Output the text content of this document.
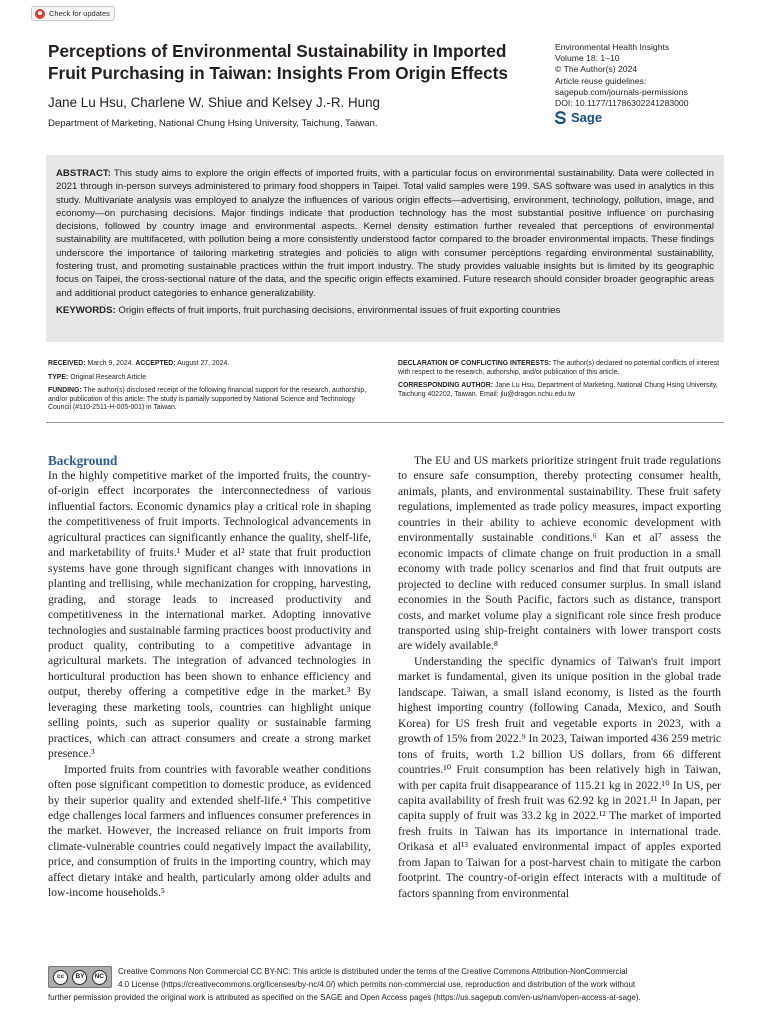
Check for updates
Perceptions of Environmental Sustainability in Imported Fruit Purchasing in Taiwan: Insights From Origin Effects
Jane Lu Hsu, Charlene W. Shiue and Kelsey J.-R. Hung
Department of Marketing, National Chung Hsing University, Taichung, Taiwan.
Environmental Health Insights
Volume 18: 1–10
© The Author(s) 2024
Article reuse guidelines:
sagepub.com/journals-permissions
DOI: 10.1177/11786302241283000
Sage

ABSTRACT: This study aims to explore the origin effects of imported fruits, with a particular focus on environmental sustainability. Data were collected in 2021 through in-person surveys administered to primary food shoppers in Taipei. Total valid samples were 199. SAS software was used in analytics in this study. Multivariate analysis was employed to analyze the influences of various origin effects—advertising, environment, technology, pollution, image, and economy—on purchasing decisions. Major findings indicate that production technology has the most substantial positive influence on purchasing decisions, followed by country image and environmental aspects. Kernel density estimation further revealed that perceptions of environmental sustainability are multifaceted, with pollution being a more consistently understood factor compared to the broader environmental impacts. These findings underscore the importance of tailoring marketing strategies and policies to align with consumer perceptions regarding environmental sustainability, fostering trust, and promoting sustainable practices within the fruit import industry. The study provides valuable insights but is limited by its geographic focus on Taipei, the cross-sectional nature of the data, and the specific origin effects examined. Future research should consider broader geographic areas and additional product categories to enhance generalizability.

KEYWORDS: Origin effects of fruit imports, fruit purchasing decisions, environmental issues of fruit exporting countries

RECEIVED: March 9, 2024. ACCEPTED: August 27, 2024.

TYPE: Original Research Article

FUNDING: The author(s) disclosed receipt of the following financial support for the research, authorship, and/or publication of this article: The study is partially supported by National Science and Technology Council (#110-2511-H-005-001) in Taiwan.

DECLARATION OF CONFLICTING INTERESTS: The author(s) declared no potential conflicts of interest with respect to the research, authorship, and/or publication of this article.

CORRESPONDING AUTHOR: Jane Lu Hsu, Department of Marketing, National Chung Hsing University, Taichung 402202, Taiwan. Email: jlu@dragon.nchu.edu.tw

Background

In the highly competitive market of the imported fruits, the country-of-origin effect incorporates the interconnectedness of various influential factors. Economic dynamics play a critical role in shaping the competitiveness of fruit imports. Technological advancements in agricultural practices can significantly enhance the quality, shelf-life, and marketability of fruits.¹ Muder et al² state that fruit production systems have gone through significant changes with innovations in planting and trellising, while mechanization for cropping, harvesting, grading, and storage leads to increased productivity and competitiveness in the international market. Adopting innovative technologies and sustainable farming practices boost productivity and product quality, contributing to a competitive advantage in agricultural markets. The integration of advanced technologies in horticultural production has been shown to enhance efficiency and output, thereby offering a competitive edge in the market.³ By leveraging these marketing tools, countries can highlight unique selling points, such as superior quality or sustainable farming practices, which can attract consumers and create a strong market presence.³

Imported fruits from countries with favorable weather conditions often pose significant competition to domestic produce, as evidenced by their superior quality and extended shelf-life.⁴ This competitive edge challenges local farmers and influences consumer preferences in the market. However, the increased reliance on fruit imports from climate-vulnerable countries could negatively impact the availability, price, and consumption of fruits in the importing country, which may affect dietary intake and health, particularly among older adults and low-income households.⁵

The EU and US markets prioritize stringent fruit trade regulations to ensure safe consumption, thereby protecting consumer health, animals, plants, and environmental sustainability. These fruit safety regulations, implemented as trade policy measures, impact exporting countries in their ability to achieve economic development with environmentally sustainable conditions.⁶ Kan et al⁷ assess the economic impacts of climate change on fruit production in a small economy with trade policy scenarios and find that fruit outputs are projected to decline with reduced consumer surplus. In small island economies in the South Pacific, factors such as distance, transport costs, and market volume play a significant role since fresh produce transported using ship-freight containers with lower transport costs are widely available.⁸

Understanding the specific dynamics of Taiwan's fruit import market is fundamental, given its unique position in the global trade landscape. Taiwan, a small island economy, is listed as the fourth highest importing country (following Canada, Mexico, and South Korea) for US fresh fruit and vegetable exports in 2023, with a growth of 15% from 2022.⁹ In 2023, Taiwan imported 436 259 metric tons of fruits, worth 1.2 billion US dollars, from 66 different countries.¹⁰ Fruit consumption has been relatively high in Taiwan, with per capita fruit disappearance of 115.21 kg in 2022.¹⁰ In US, per capita availability of fresh fruit was 62.92 kg in 2021.¹¹ In Japan, per capita supply of fruit was 33.2 kg in 2022.¹² The market of imported fresh fruits in Taiwan has its importance in international trade. Orikasa et al¹³ evaluated environmental impact of apples exported from Japan to Taiwan for a post-harvest chain to mitigate the carbon footprint. The country-of-origin effect interacts with a multitude of factors spanning from environmental

cc	BY	NC
Creative Commons Non Commercial CC BY-NC: This article is distributed under the terms of the Creative Commons Attribution-NonCommercial
4.0 License (https://creativecommons.org/licenses/by-nc/4.0/) which permits non-commercial use, reproduction and distribution of the work without
further permission provided the original work is attributed as specified on the SAGE and Open Access pages (https://us.sagepub.com/en-us/nam/open-access-at-sage).
